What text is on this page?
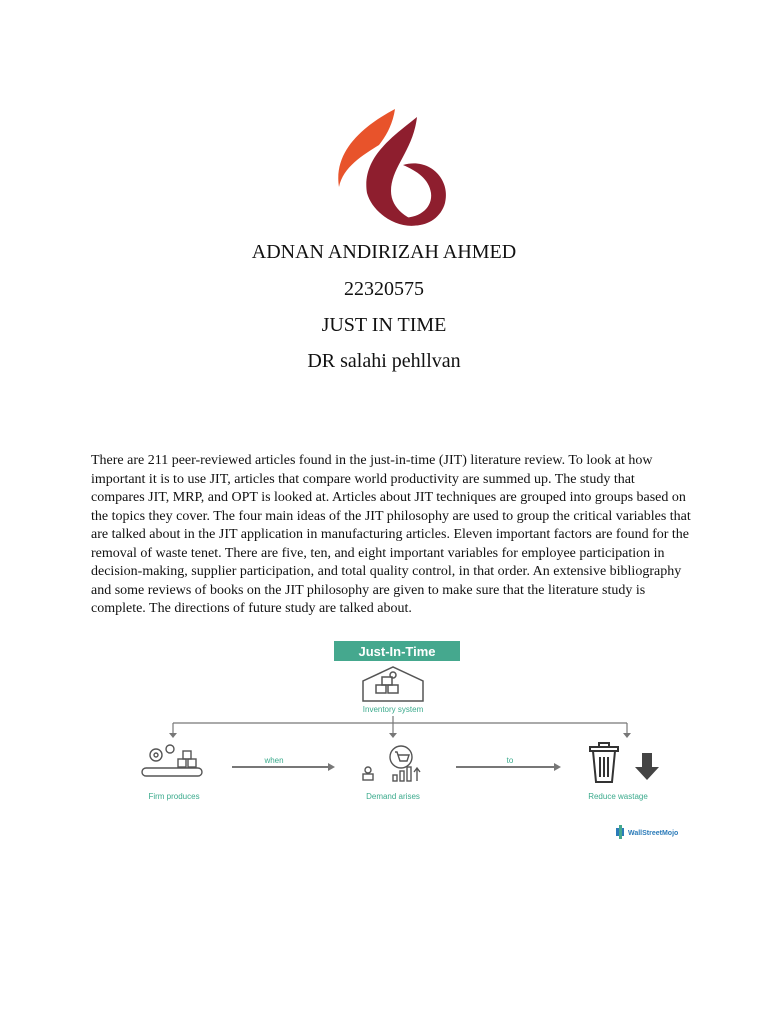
ADNAN ANDIRIZAH AHMED
22320575
JUST IN TIME
DR salahi pehllvan

There are 211 peer-reviewed articles found in the just-in-time (JIT) literature review. To look at how important it is to use JIT, articles that compare world productivity are summed up. The study that compares JIT, MRP, and OPT is looked at. Articles about JIT techniques are grouped into groups based on the topics they cover. The four main ideas of the JIT philosophy are used to group the critical variables that are talked about in the JIT application in manufacturing articles. Eleven important factors are found for the removal of waste tenet. There are five, ten, and eight important variables for employee participation in decision-making, supplier participation, and total quality control, in that order. An extensive bibliography and some reviews of books on the JIT philosophy are given to make sure that the literature study is complete. The directions of future study are talked about.

Just-In-Time
Inventory system
Firm produces
when
Demand arises
to
Reduce wastage
WallStreetMojo
